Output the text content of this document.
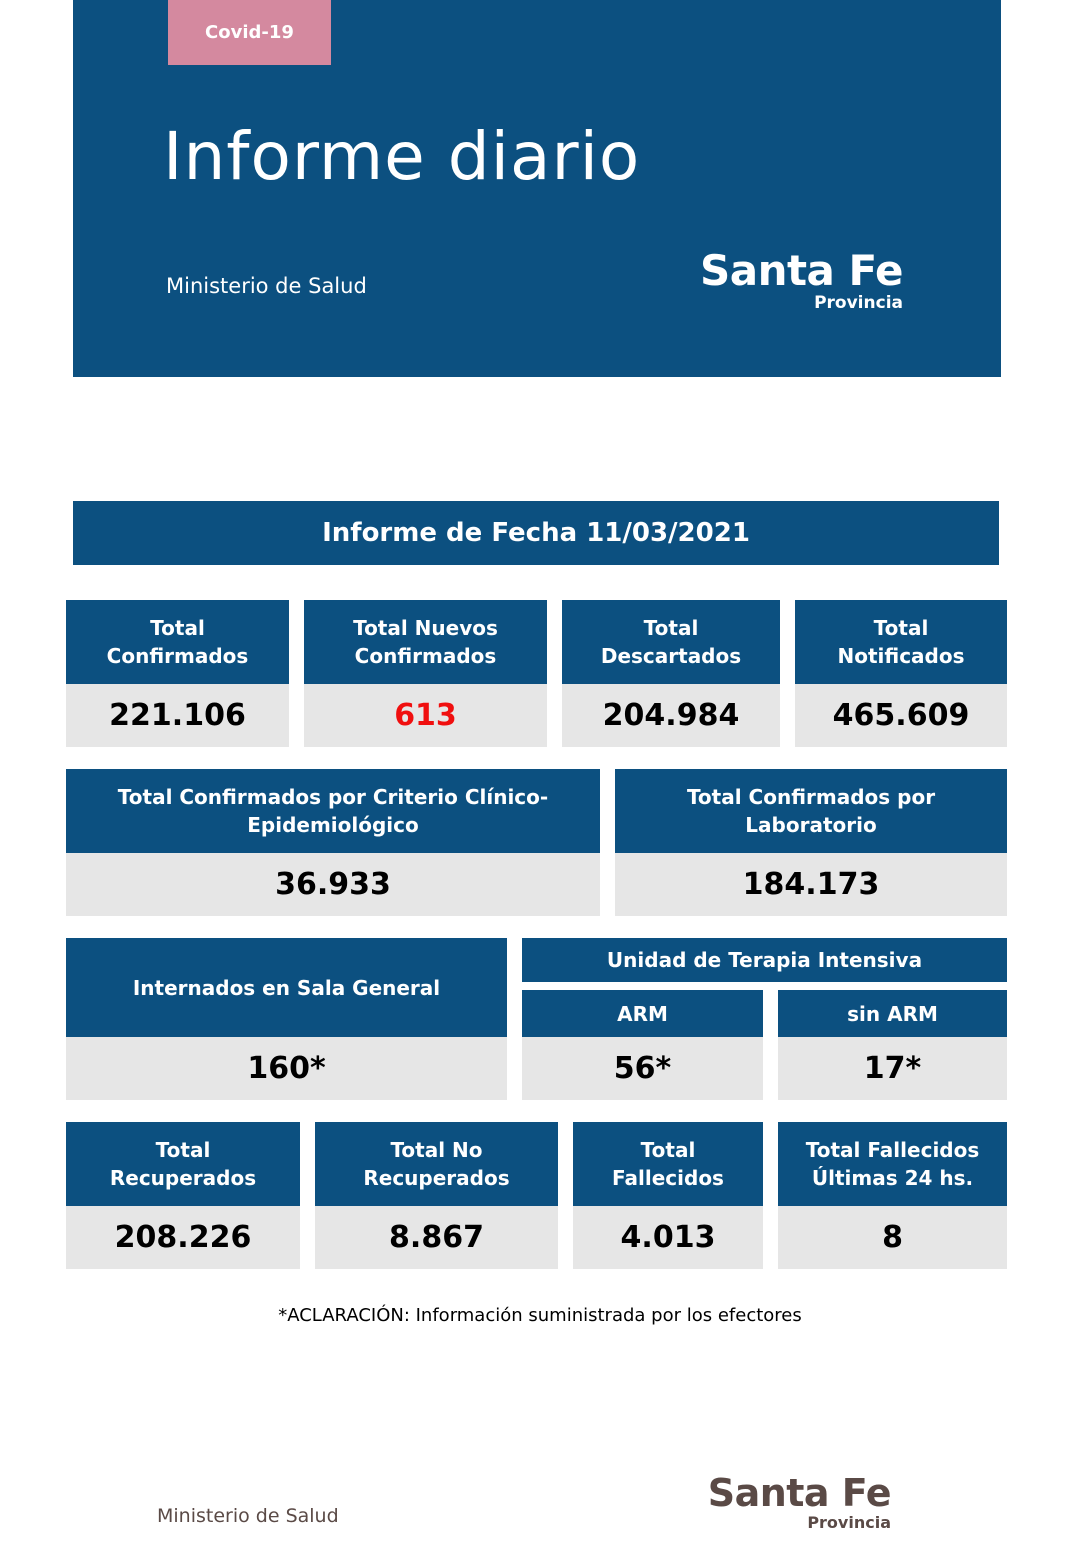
Covid-19
Informe diario
Ministerio de Salud	Santa Fe
Provincia
Informe de Fecha 11/03/2021
Total
Confirmados
221.106
Total Nuevos
Confirmados
613
Total
Descartados
204.984
Total
Notificados
465.609
Total Confirmados por Criterio Clínico-
Epidemiológico
36.933
Total Confirmados por
Laboratorio
184.173
Internados en Sala General
160*
Unidad de Terapia Intensiva
ARM
56*
sin ARM
17*
Total
Recuperados
208.226
Total No
Recuperados
8.867
Total
Fallecidos
4.013
Total Fallecidos
Últimas 24 hs.
8
*ACLARACIÓN: Información suministrada por los efectores
Ministerio de Salud
Santa Fe
Provincia
